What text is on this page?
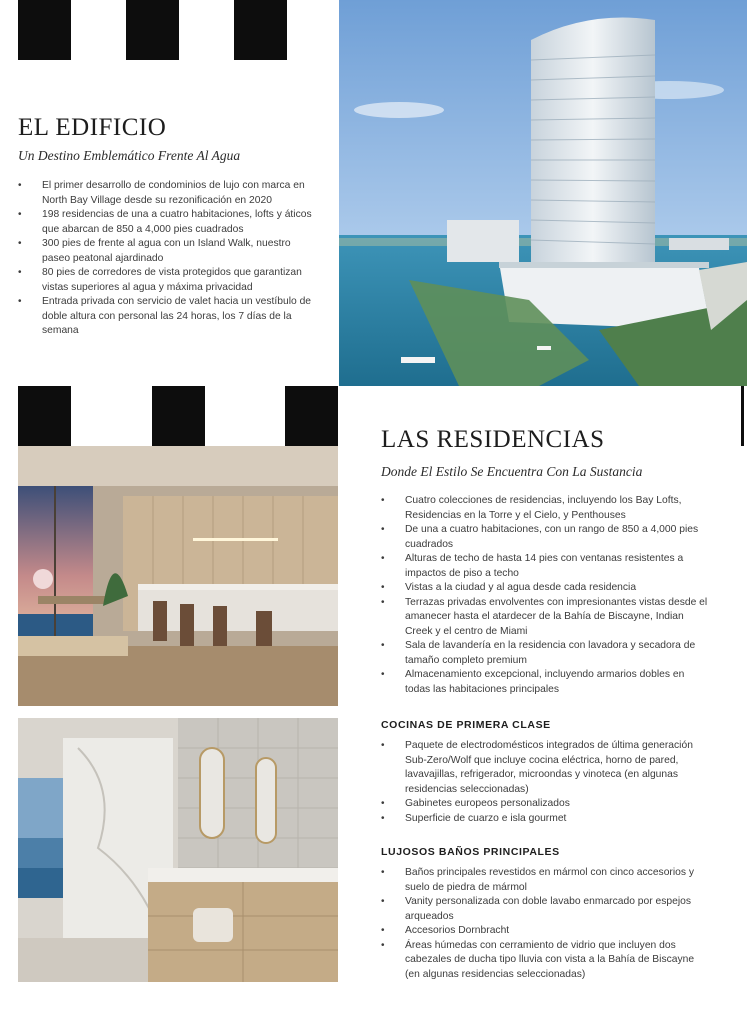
EL EDIFICIO
Un Destino Emblemático Frente Al Agua
• El primer desarrollo de condominios de lujo con marca en North Bay Village desde su rezonificación en 2020
• 198 residencias de una a cuatro habitaciones, lofts y áticos que abarcan de 850 a 4,000 pies cuadrados
• 300 pies de frente al agua con un Island Walk, nuestro paseo peatonal ajardinado
• 80 pies de corredores de vista protegidos que garantizan vistas superiores al agua y máxima privacidad
• Entrada privada con servicio de valet hacia un vestíbulo de doble altura con personal las 24 horas, los 7 días de la semana
LAS RESIDENCIAS
Donde El Estilo Se Encuentra Con La Sustancia
• Cuatro colecciones de residencias, incluyendo los Bay Lofts, Residencias en la Torre y el Cielo, y Penthouses
• De una a cuatro habitaciones, con un rango de 850 a 4,000 pies cuadrados
• Alturas de techo de hasta 14 pies con ventanas resistentes a impactos de piso a techo
• Vistas a la ciudad y al agua desde cada residencia
• Terrazas privadas envolventes con impresionantes vistas desde el amanecer hasta el atardecer de la Bahía de Biscayne, Indian Creek y el centro de Miami
• Sala de lavandería en la residencia con lavadora y secadora de tamaño completo premium
• Almacenamiento excepcional, incluyendo armarios dobles en todas las habitaciones principales
COCINAS DE PRIMERA CLASE
• Paquete de electrodomésticos integrados de última generación Sub-Zero/Wolf que incluye cocina eléctrica, horno de pared, lavavajillas, refrigerador, microondas y vinoteca (en algunas residencias seleccionadas)
• Gabinetes europeos personalizados
• Superficie de cuarzo e isla gourmet
LUJOSOS BAÑOS PRINCIPALES
• Baños principales revestidos en mármol con cinco accesorios y suelo de piedra de mármol
• Vanity personalizada con doble lavabo enmarcado por espejos arqueados
• Accesorios Dornbracht
• Áreas húmedas con cerramiento de vidrio que incluyen dos cabezales de ducha tipo lluvia con vista a la Bahía de Biscayne (en algunas residencias seleccionadas)
